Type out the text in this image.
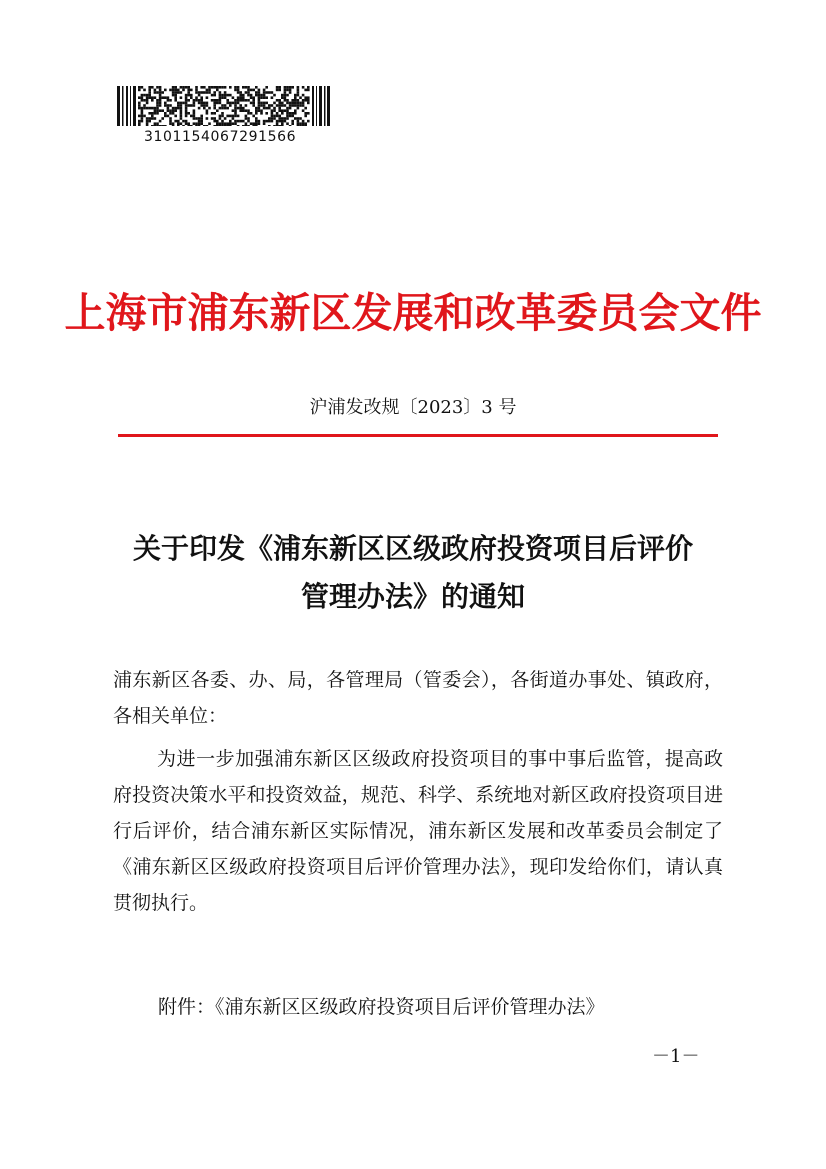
3101154067291566
上海市浦东新区发展和改革委员会文件
沪浦发改规〔2023〕3 号
关于印发《浦东新区区级政府投资项目后评价
管理办法》的通知
浦东新区各委、办、局，各管理局（管委会），各街道办事处、镇政府，各相关单位：
为进一步加强浦东新区区级政府投资项目的事中事后监管，提高政府投资决策水平和投资效益，规范、科学、系统地对新区政府投资项目进行后评价，结合浦东新区实际情况，浦东新区发展和改革委员会制定了《浦东新区区级政府投资项目后评价管理办法》，现印发给你们，请认真贯彻执行。
附件：《浦东新区区级政府投资项目后评价管理办法》
－1－
